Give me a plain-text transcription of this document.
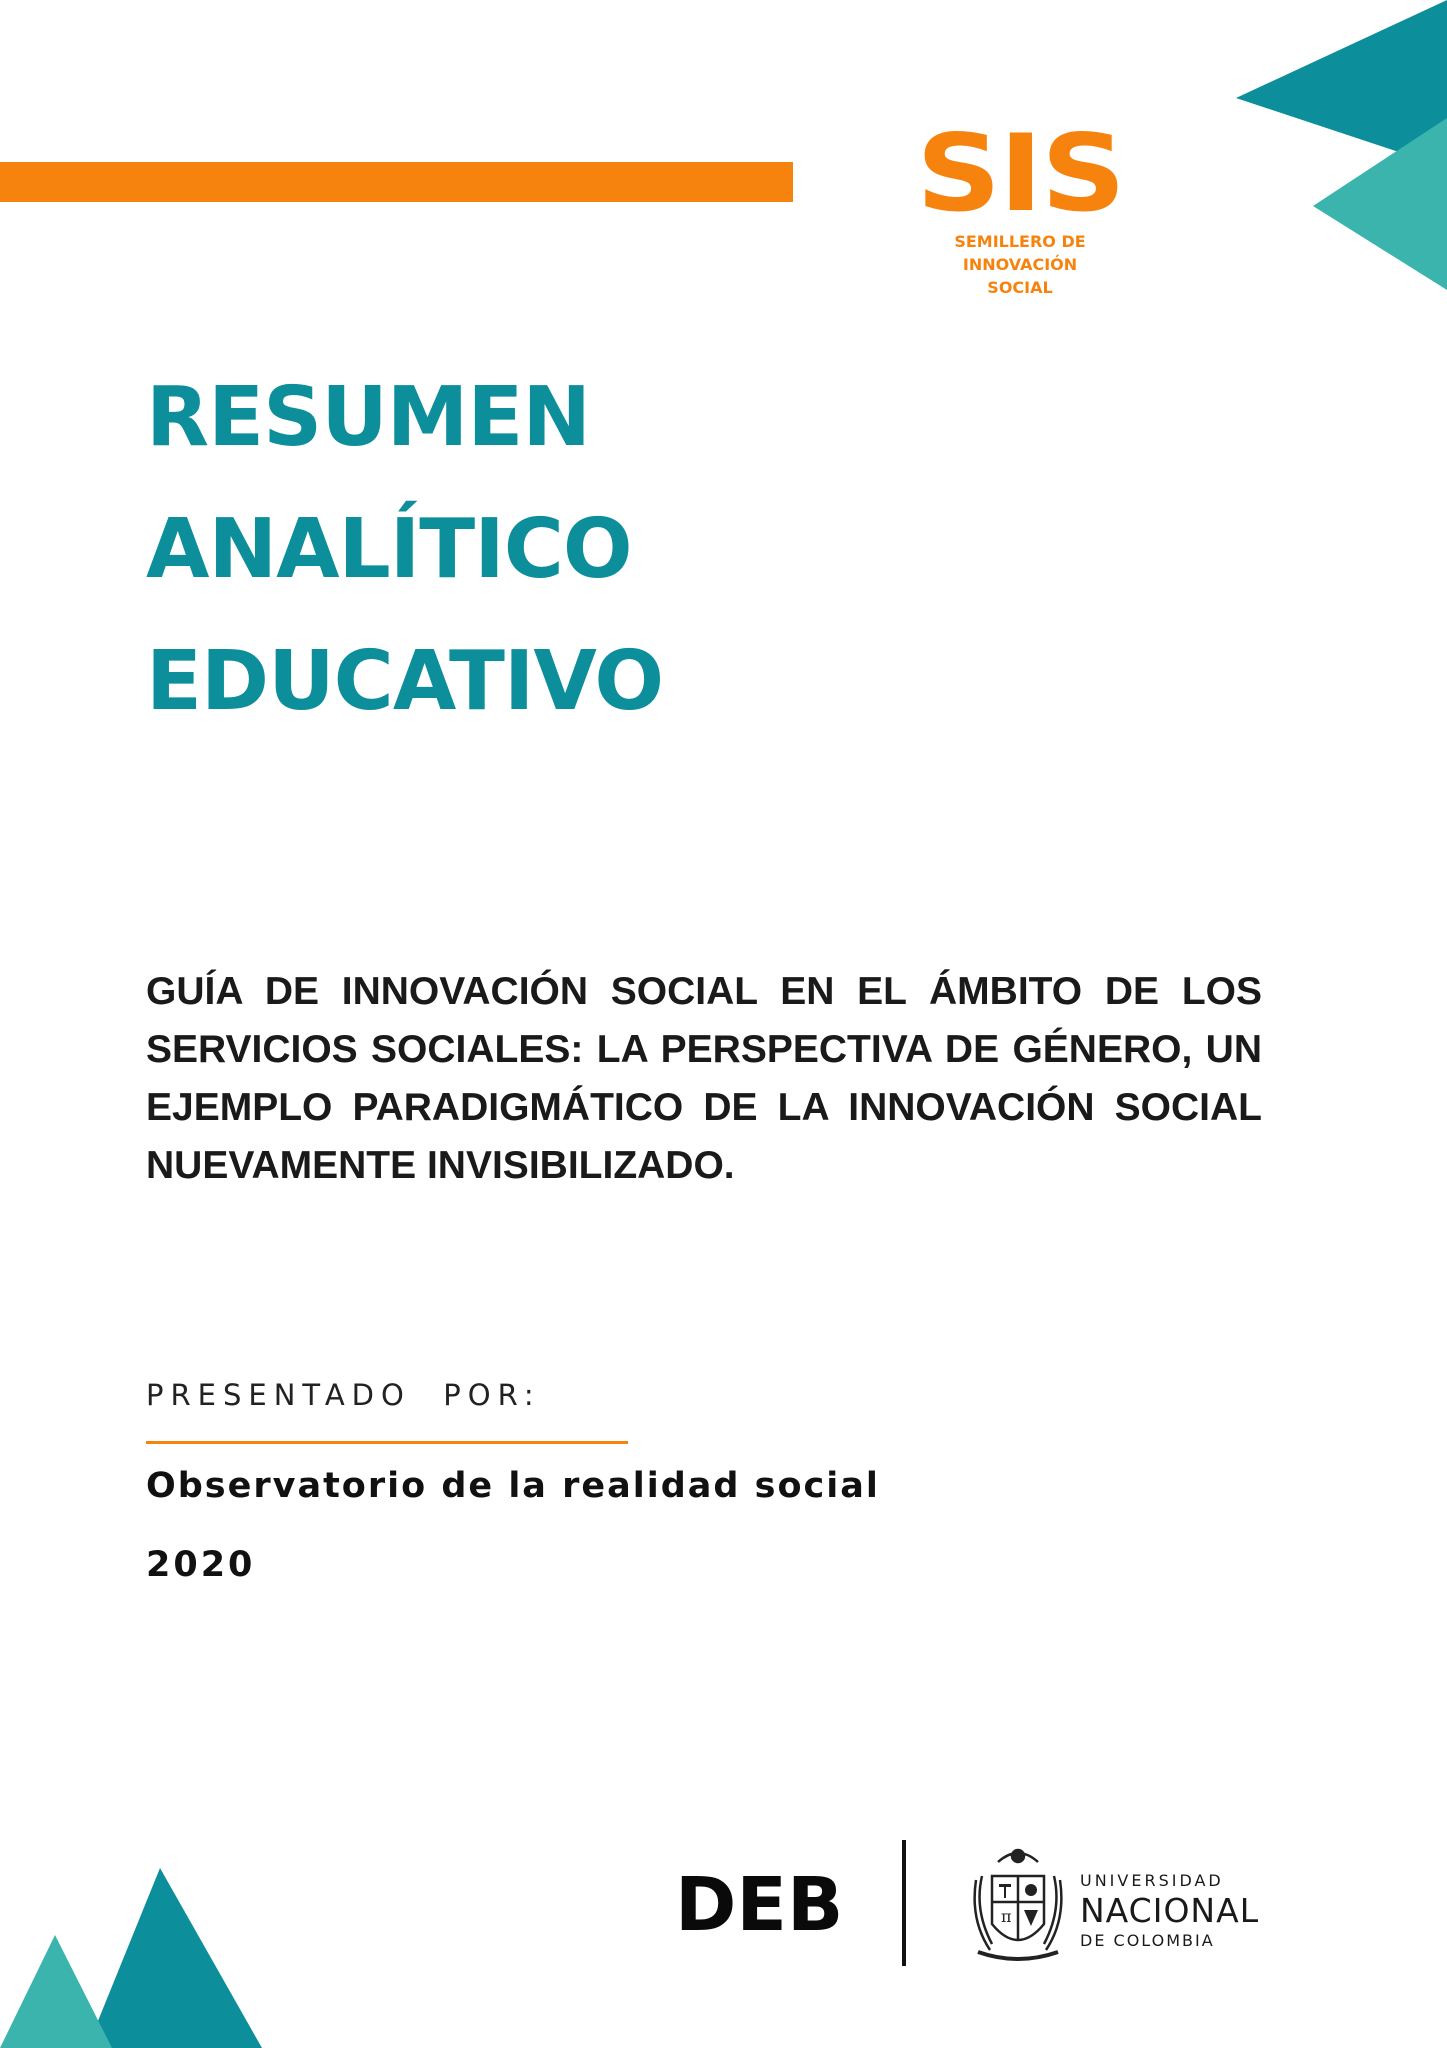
SIS
SEMILLERO DE INNOVACIÓN
SOCIAL
RESUMEN
ANALÍTICO
EDUCATIVO

GUÍA DE INNOVACIÓN SOCIAL EN EL ÁMBITO DE LOS SERVICIOS SOCIALES: LA PERSPECTIVA DE GÉNERO, UN EJEMPLO PARADIGMÁTICO DE LA INNOVACIÓN SOCIAL NUEVAMENTE INVISIBILIZADO.

PRESENTADO  POR:
Observatorio de la realidad social
2020
DEB	π
UNIVERSIDAD
NACIONAL
DE COLOMBIA
